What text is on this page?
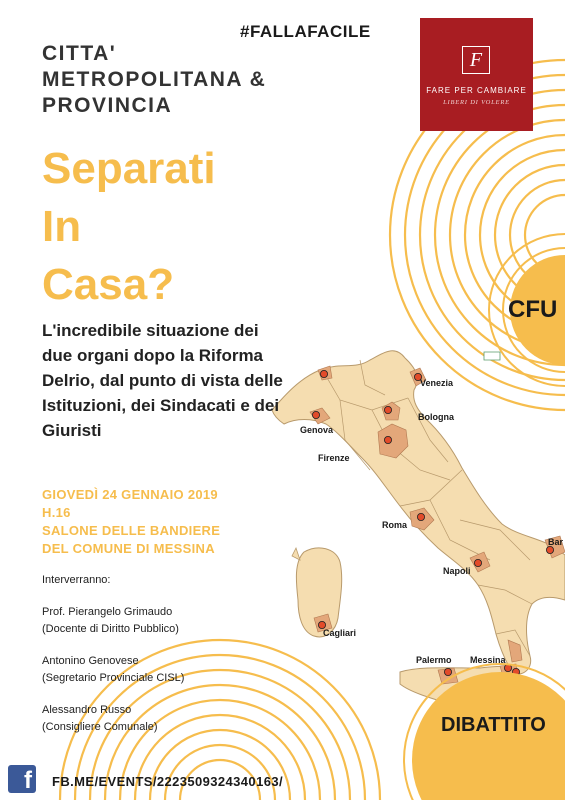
Venezia
Bologna
Genova
Firenze
Roma
Napoli
Bar
Cagliari
Palermo Messina
#FALLAFACILE
F
FARE PER CAMBIARE
LIBERI DI VOLERE
CITTA'
METROPOLITANA &
PROVINCIA
Separati
In
Casa?
L'incredibile situazione dei due organi dopo la Riforma Delrio, dal punto di vista delle Istituzioni, dei Sindacati e dei Giuristi
GIOVEDÌ 24 GENNAIO 2019
H.16
SALONE DELLE BANDIERE
DEL COMUNE DI MESSINA

Interverranno:

Prof. Pierangelo Grimaudo
(Docente di Diritto Pubblico)

Antonino Genovese
(Segretario Provinciale CISL)

Alessandro Russo
(Consigliere Comunale)

CFU
DIBATTITO
f	FB.ME/EVENTS/2223509324340163/
